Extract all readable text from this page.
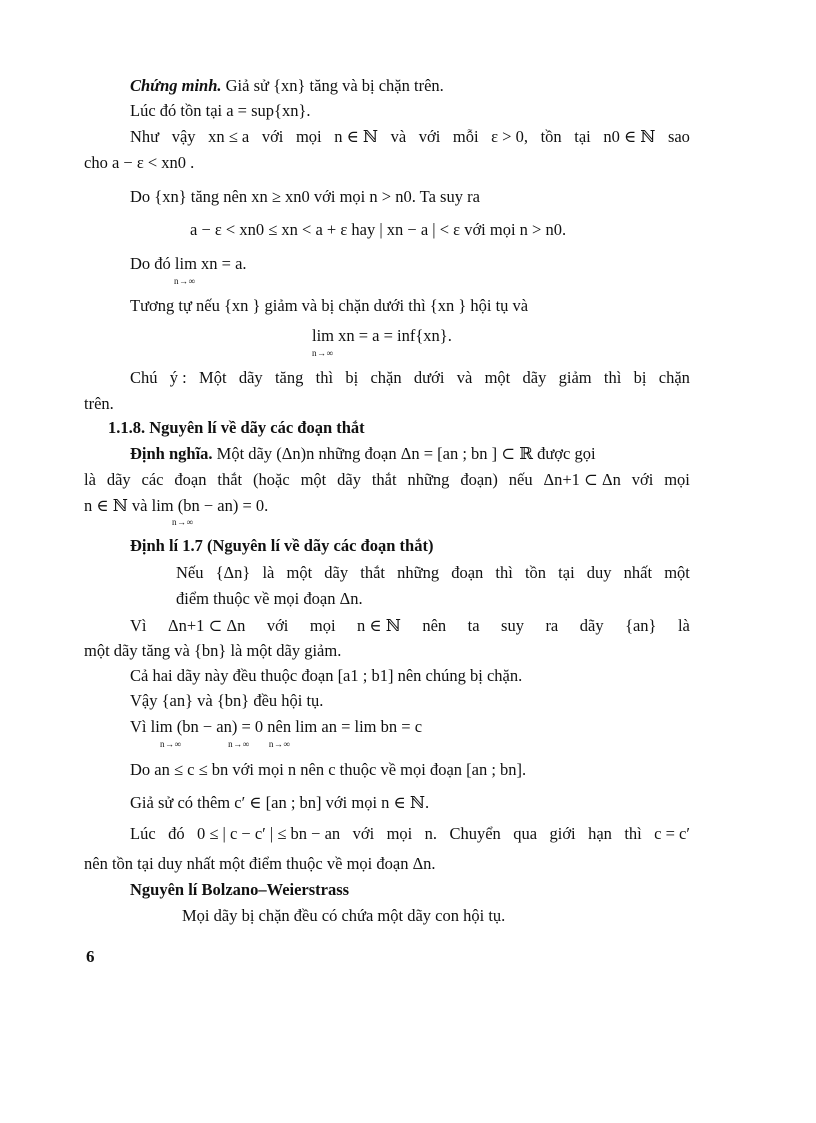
Chứng minh. Giả sử {xn} tăng và bị chặn trên.
Lúc đó tồn tại a = sup{xn}.
Như vậy xn ≤ a với mọi n ∈ ℕ và với mỗi ε > 0, tồn tại n0 ∈ ℕ sao
cho a − ε < xn0 .
Do {xn} tăng nên xn ≥ xn0 với mọi n > n0. Ta suy ra
a − ε < xn0 ≤ xn < a + ε hay | xn − a | < ε với mọi n > n0.
Do đó lim xn = a.
n→∞
Tương tự nếu {xn } giảm và bị chặn dưới thì {xn } hội tụ và
lim xn = a = inf{xn}.
n→∞
Chú ý : Một dãy tăng thì bị chặn dưới và một dãy giảm thì bị chặn
trên.
1.1.8. Nguyên lí về dãy các đoạn thắt
Định nghĩa. Một dãy (Δn)n những đoạn Δn = [an ; bn ] ⊂ ℝ được gọi
là dãy các đoạn thắt (hoặc một dãy thắt những đoạn) nếu Δn+1 ⊂ Δn với mọi
n ∈ ℕ và lim (bn − an) = 0.
n→∞
Định lí 1.7 (Nguyên lí về dãy các đoạn thắt)
Nếu {Δn} là một dãy thắt những đoạn thì tồn tại duy nhất một
điểm thuộc về mọi đoạn Δn.
Vì Δn+1 ⊂ Δn với mọi n ∈ ℕ nên ta suy ra dãy {an} là
một dãy tăng và {bn} là một dãy giảm.
Cả hai dãy này đều thuộc đoạn [a1 ; b1] nên chúng bị chặn.
Vậy {an} và {bn} đều hội tụ.
Vì lim (bn − an) = 0 nên lim an = lim bn = c
n→∞                 n→∞       n→∞
Do an ≤ c ≤ bn với mọi n nên c thuộc về mọi đoạn [an ; bn].
Giả sử có thêm c′ ∈ [an ; bn] với mọi n ∈ ℕ.
Lúc đó 0 ≤ | c − c′ | ≤ bn − an với mọi n. Chuyển qua giới hạn thì c = c′
nên tồn tại duy nhất một điểm thuộc về mọi đoạn Δn.
Nguyên lí Bolzano–Weierstrass
Mọi dãy bị chặn đều có chứa một dãy con hội tụ.
6
